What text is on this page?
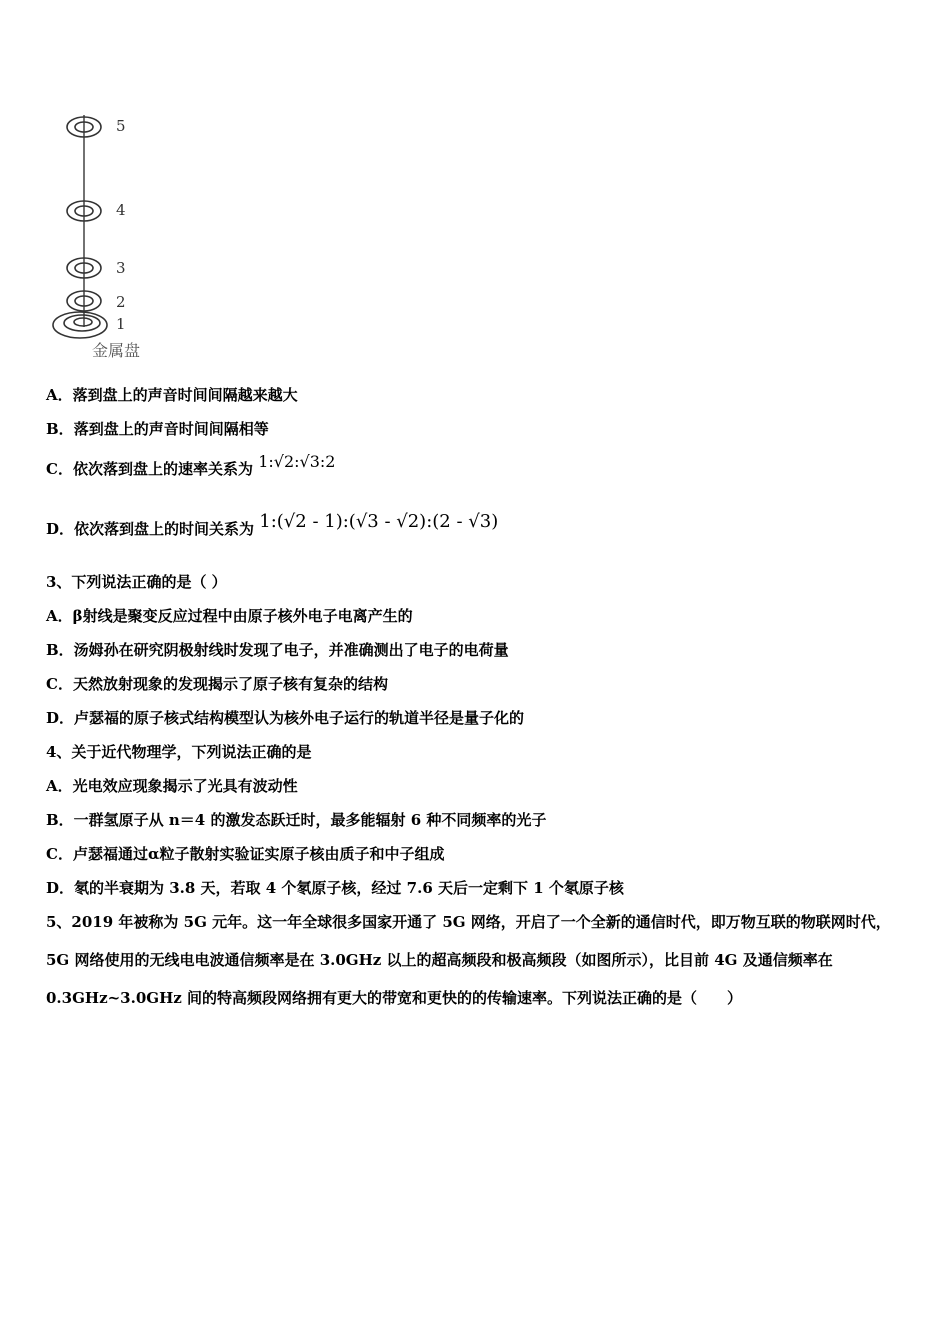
5
4
3
2
1
金属盘
A．落到盘上的声音时间间隔越来越大
B．落到盘上的声音时间间隔相等
C．依次落到盘上的速率关系为 1:√2:√3:2
D．依次落到盘上的时间关系为 1:(√2 - 1):(√3 - √2):(2 - √3)
3、下列说法正确的是（ ）
A．β射线是聚变反应过程中由原子核外电子电离产生的
B．汤姆孙在研究阴极射线时发现了电子，并准确测出了电子的电荷量
C．天然放射现象的发现揭示了原子核有复杂的结构
D．卢瑟福的原子核式结构模型认为核外电子运行的轨道半径是量子化的
4、关于近代物理学，下列说法正确的是
A．光电效应现象揭示了光具有波动性
B．一群氢原子从 n＝4 的激发态跃迁时，最多能辐射 6 种不同频率的光子
C．卢瑟福通过α粒子散射实验证实原子核由质子和中子组成
D．氡的半衰期为 3.8 天，若取 4 个氡原子核，经过 7.6 天后一定剩下 1 个氡原子核
5、2019 年被称为 5G 元年。这一年全球很多国家开通了 5G 网络，开启了一个全新的通信时代，即万物互联的物联网时代，5G 网络使用的无线电电波通信频率是在 3.0GHz 以上的超高频段和极高频段（如图所示），比目前 4G 及通信频率在 0.3GHz~3.0GHz 间的特高频段网络拥有更大的带宽和更快的的传输速率。下列说法正确的是（　　）
